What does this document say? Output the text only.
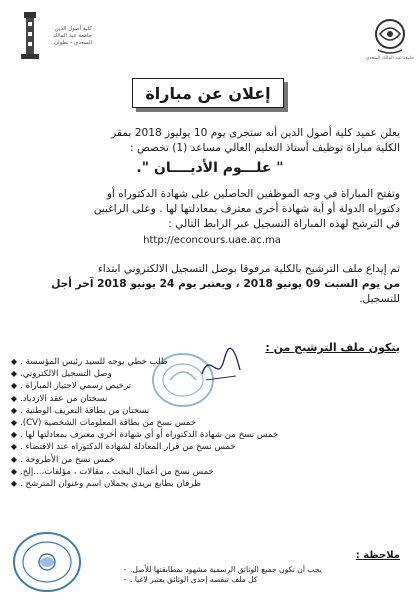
كلية أصول الدين
جامعة عبد المالك السعدي - تطوان
جامعة عبد المالك السعدي
إعلان عن مباراة
يعلن عميد كلية أصول الدين أنه ستجرى يوم 10 يوليوز 2018 بمقر
الكلية مباراة توظيف أستاذ التعليم العالي مساعد (1) تخصص :
" علـــوم الأديــــان ".
وتفتح المباراة في وجه الموظفين الحاصلين على شهادة الدكتوراه أو
دكتوراه الدولة أو أية شهادة أخرى معترف بمعادلتها لها . وعلى الراغبين
في الترشح لهذه المباراة التسجيل عبر الرابط التالي :
http://econcours.uae.ac.ma
ثم إيداع ملف الترشيح بالكلية مرفوقا بوصل التسجيل الالكتروني ابتداء
من يوم السبت 09 يونيو 2018 ، ويعتبر يوم 24 يونيو 2018 آخر أجل
للتسجيل.
يتكون ملف الترشيح من :
◆ طلب خطي يوجه للسيد رئيس المؤسسة .
◆ وصل التسجيل الالكتروني.
◆ ترخيص رسمي لاجتياز المباراة .
◆ نسختان من عقد الازدياد.
◆ نسختان من بطاقة التعريف الوطنية .
◆ خمس نسخ من بطاقة المعلومات الشخصية (CV).
◆ خمس نسخ من شهادة الدكتوراه أو أي شهادة أخرى معترف بمعادلتها لها .
◆ خمس نسخ من قرار المعادلة لشهادة الدكتوراه عند الاقتضاء .
◆ خمس نسخ من الأطروحة .
◆ خمس نسخ من أعمال البحث ، مقالات ، مؤلفات،...إلخ.
◆ ظرفان بطابع بريدي يحملان اسم وعنوان المترشح .
ملاحظة :
- يجب أن تكون جميع الوثائق الرسمية مشهود بمطابقتها للأصل.
- كل ملف تنقصه إحدى الوثائق يعتبر لاغيا .
